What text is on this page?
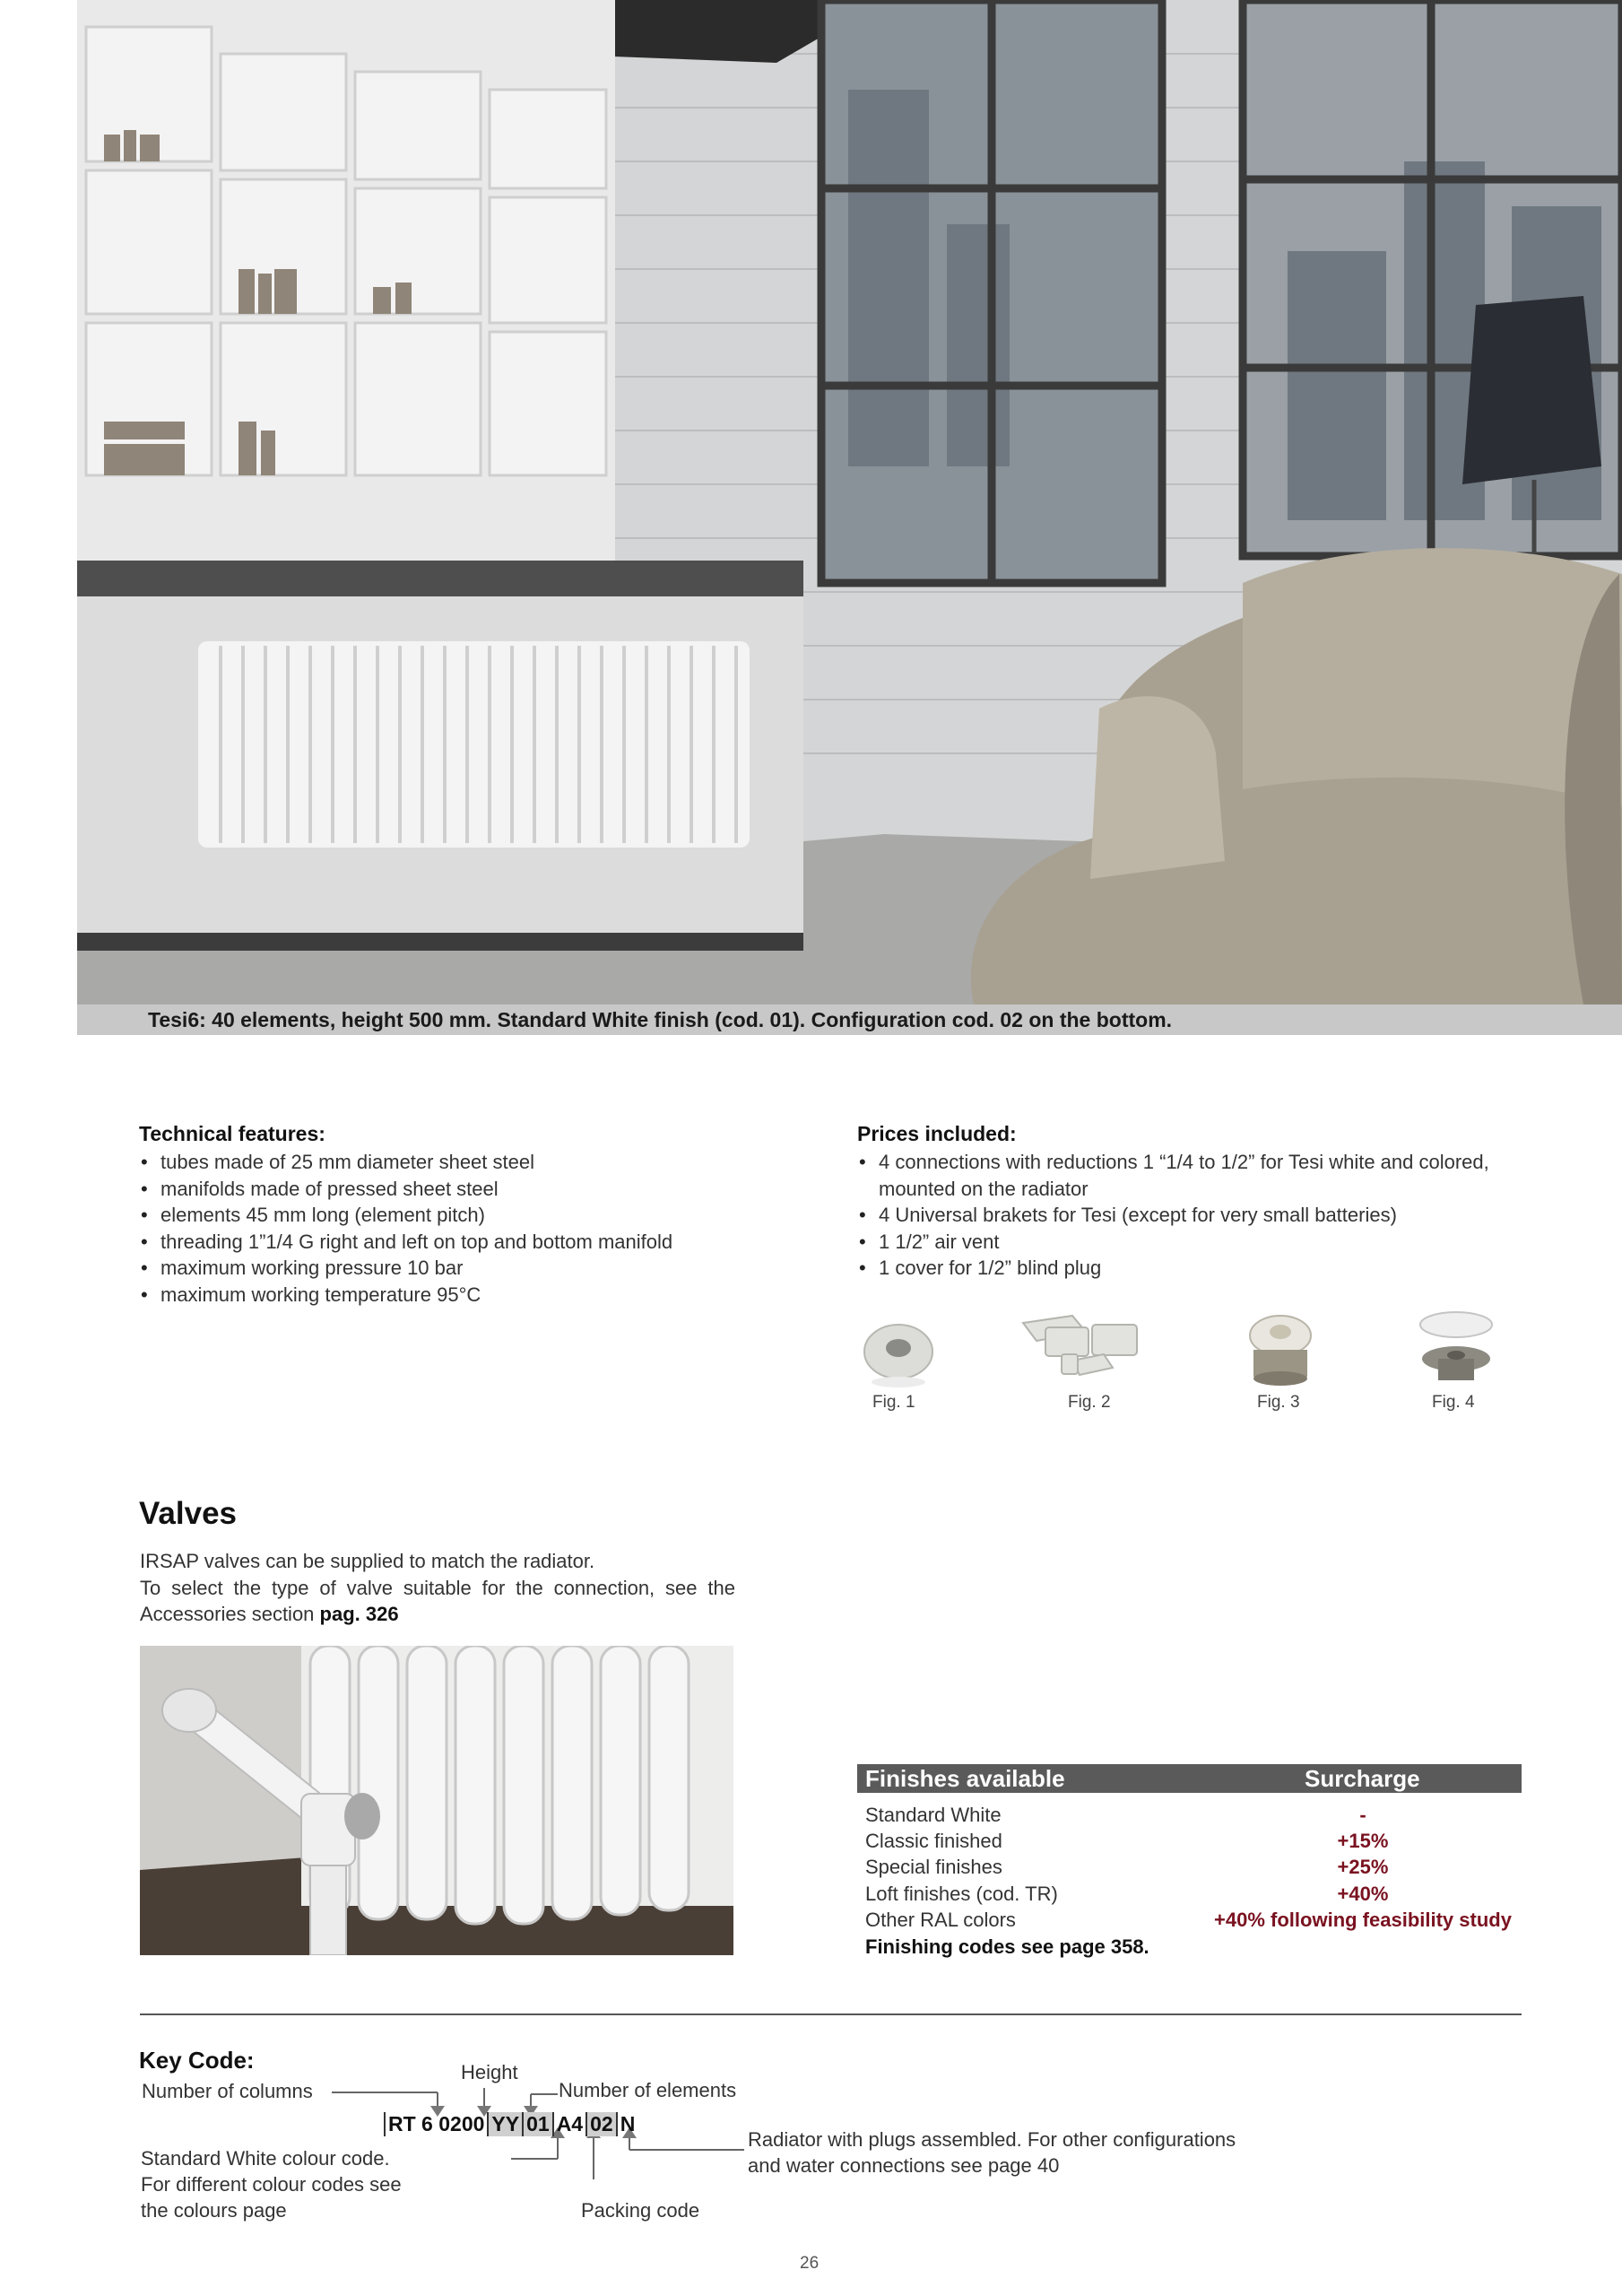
Tesi6: 40 elements, height 500 mm. Standard White finish (cod. 01). Configuration cod. 02 on the bottom.
Technical features:
• tubes made of 25 mm diameter sheet steel
• manifolds made of pressed sheet steel
• elements 45 mm long (element pitch)
• threading 1”1/4 G right and left on top and bottom manifold
• maximum working pressure 10 bar
• maximum working temperature 95°C
Prices included:
• 4 connections with reductions 1 “1/4 to 1/2” for Tesi white and colored,
mounted on the radiator
• 4 Universal brakets for Tesi (except for very small batteries)
• 1 1/2” air vent
• 1 cover for 1/2” blind plug
Fig. 1	Fig. 2	Fig. 3	Fig. 4
Valves

IRSAP valves can be supplied to match the radiator.

To select the type of valve suitable for the connection, see the Accessories section pag. 326

Finishes available	Surcharge
Standard White	-
Classic finished	+15%
Special finishes	+25%
Loft finishes (cod. TR)	+40%
Other RAL colors	+40% following feasibility study
Finishing codes see page 358.
Key Code:
Number of columns
Height
Number of elements
RT 6 0200 YY 01 A4 02 N
Standard White colour code.
For different colour codes see
the colours page	Packing code
Radiator with plugs assembled. For other configurations
and water connections see page 40
26
